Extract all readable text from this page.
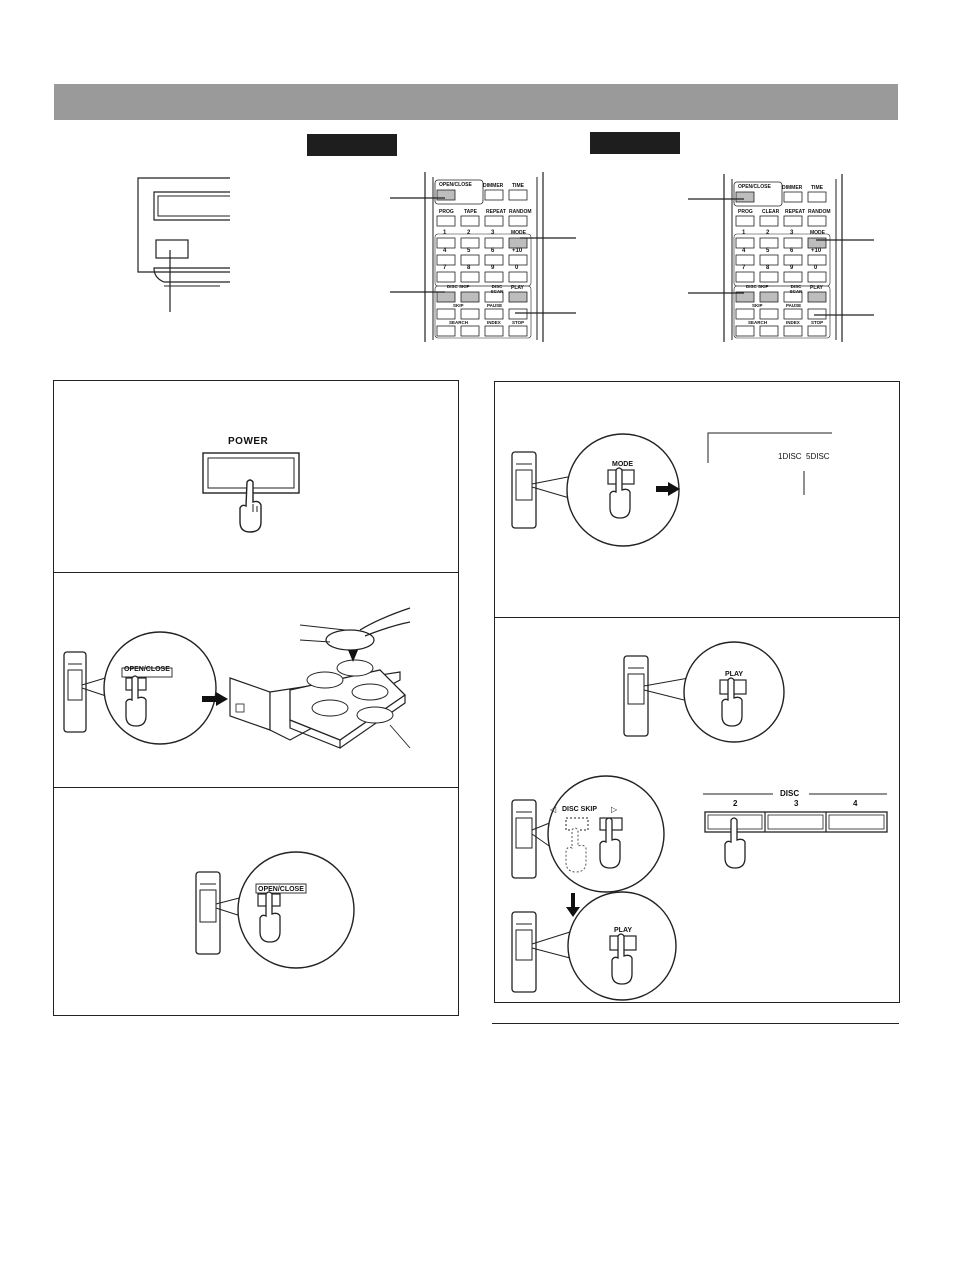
OPEN/CLOSE DIMMER TIME
PROG TAPE REPEAT RANDOM
1	2	3	MODE
4	5	6	+10
7	8	9	0
DISC SKIP	DISC SCAN
PLAY
SKIP	PAUSE
SEARCH	INDEX STOP
OPEN/CLOSE DIMMER TIME
PROG CLEAR REPEAT RANDOM
1	2	3	MODE
4	5	6	+10
7	8	9	0
DISC SKIP	DISC SCAN
PLAY
SKIP	PAUSE
SEARCH	INDEX STOP
POWER
OPEN/CLOSE
OPEN/CLOSE
MODE
1DISC  5DISC
PLAY
DISC SKIP
◁	▷
PLAY
DISC
2	3	4
